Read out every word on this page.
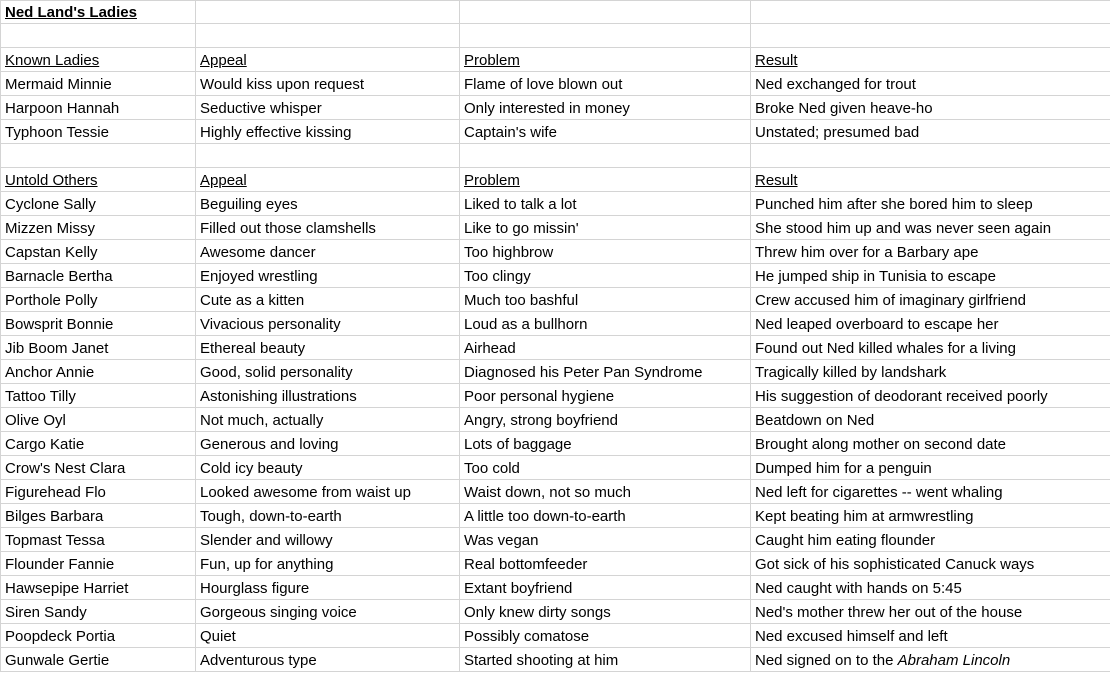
Ned Land's Ladies			

Known Ladies	Appeal	Problem	Result
Mermaid Minnie	Would kiss upon request	Flame of love blown out	Ned exchanged for trout
Harpoon Hannah	Seductive whisper	Only interested in money	Broke Ned given heave-ho
Typhoon Tessie	Highly effective kissing	Captain's wife	Unstated; presumed bad

Untold Others	Appeal	Problem	Result
Cyclone Sally	Beguiling eyes	Liked to talk a lot	Punched him after she bored him to sleep
Mizzen Missy	Filled out those clamshells	Like to go missin'	She stood him up and was never seen again
Capstan Kelly	Awesome dancer	Too highbrow	Threw him over for a Barbary ape
Barnacle Bertha	Enjoyed wrestling	Too clingy	He jumped ship in Tunisia to escape
Porthole Polly	Cute as a kitten	Much too bashful	Crew accused him of imaginary girlfriend
Bowsprit Bonnie	Vivacious personality	Loud as a bullhorn	Ned leaped overboard to escape her
Jib Boom Janet	Ethereal beauty	Airhead	Found out Ned killed whales for a living
Anchor Annie	Good, solid personality	Diagnosed his Peter Pan Syndrome	Tragically killed by landshark
Tattoo Tilly	Astonishing illustrations	Poor personal hygiene	His suggestion of deodorant received poorly
Olive Oyl	Not much, actually	Angry, strong boyfriend	Beatdown on Ned
Cargo Katie	Generous and loving	Lots of baggage	Brought along mother on second date
Crow's Nest Clara	Cold icy beauty	Too cold	Dumped him for a penguin
Figurehead Flo	Looked awesome from waist up	Waist down, not so much	Ned left for cigarettes -- went whaling
Bilges Barbara	Tough, down-to-earth	A little too down-to-earth	Kept beating him at armwrestling
Topmast Tessa	Slender and willowy	Was vegan	Caught him eating flounder
Flounder Fannie	Fun, up for anything	Real bottomfeeder	Got sick of his sophisticated Canuck ways
Hawsepipe Harriet	Hourglass figure	Extant boyfriend	Ned caught with hands on 5:45
Siren Sandy	Gorgeous singing voice	Only knew dirty songs	Ned's mother threw her out of the house
Poopdeck Portia	Quiet	Possibly comatose	Ned excused himself and left
Gunwale Gertie	Adventurous type	Started shooting at him	Ned signed on to the Abraham Lincoln
